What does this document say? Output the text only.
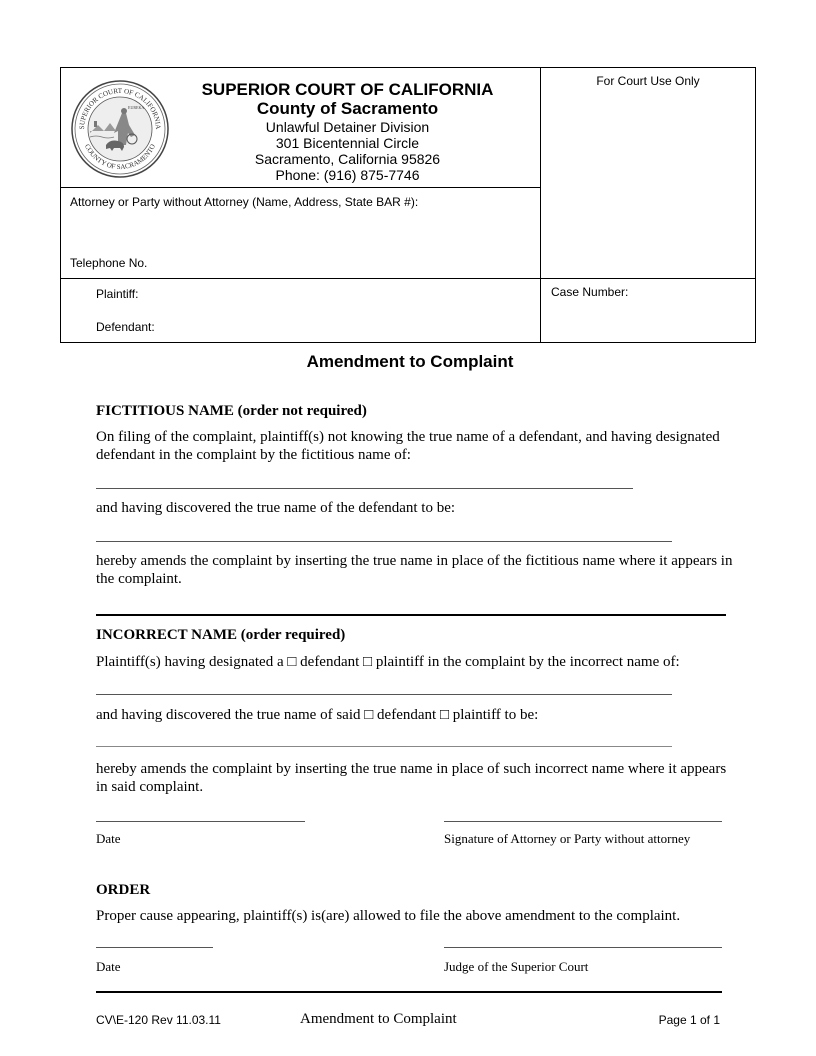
SUPERIOR COURT OF CALIFORNIA
COUNTY OF SACRAMENTO
EUREKA
SUPERIOR COURT OF CALIFORNIA
County of Sacramento
Unlawful Detainer Division
301 Bicentennial Circle
Sacramento, California 95826
Phone: (916) 875-7746
For Court Use Only
Attorney or Party without Attorney (Name, Address, State BAR #):
Telephone No.
Plaintiff:
Defendant:
Case Number:
Amendment to Complaint
FICTITIOUS NAME (order not required)
On filing of the complaint, plaintiff(s) not knowing the true name of a defendant, and having designated defendant in the complaint by the fictitious name of:
and having discovered the true name of the defendant to be:
hereby amends the complaint by inserting the true name in place of the fictitious name where it appears in the complaint.
INCORRECT NAME (order required)
Plaintiff(s) having designated a □ defendant □ plaintiff in the complaint by the incorrect name of:
and having discovered the true name of said □ defendant □ plaintiff to be:
hereby amends the complaint by inserting the true name in place of such incorrect name where it appears in said complaint.
Date	Signature of Attorney or Party without attorney
ORDER
Proper cause appearing, plaintiff(s) is(are) allowed to file the above amendment to the complaint.
Date	Judge of the Superior Court
CV\E-120 Rev 11.03.11	Amendment to Complaint	Page 1 of 1
